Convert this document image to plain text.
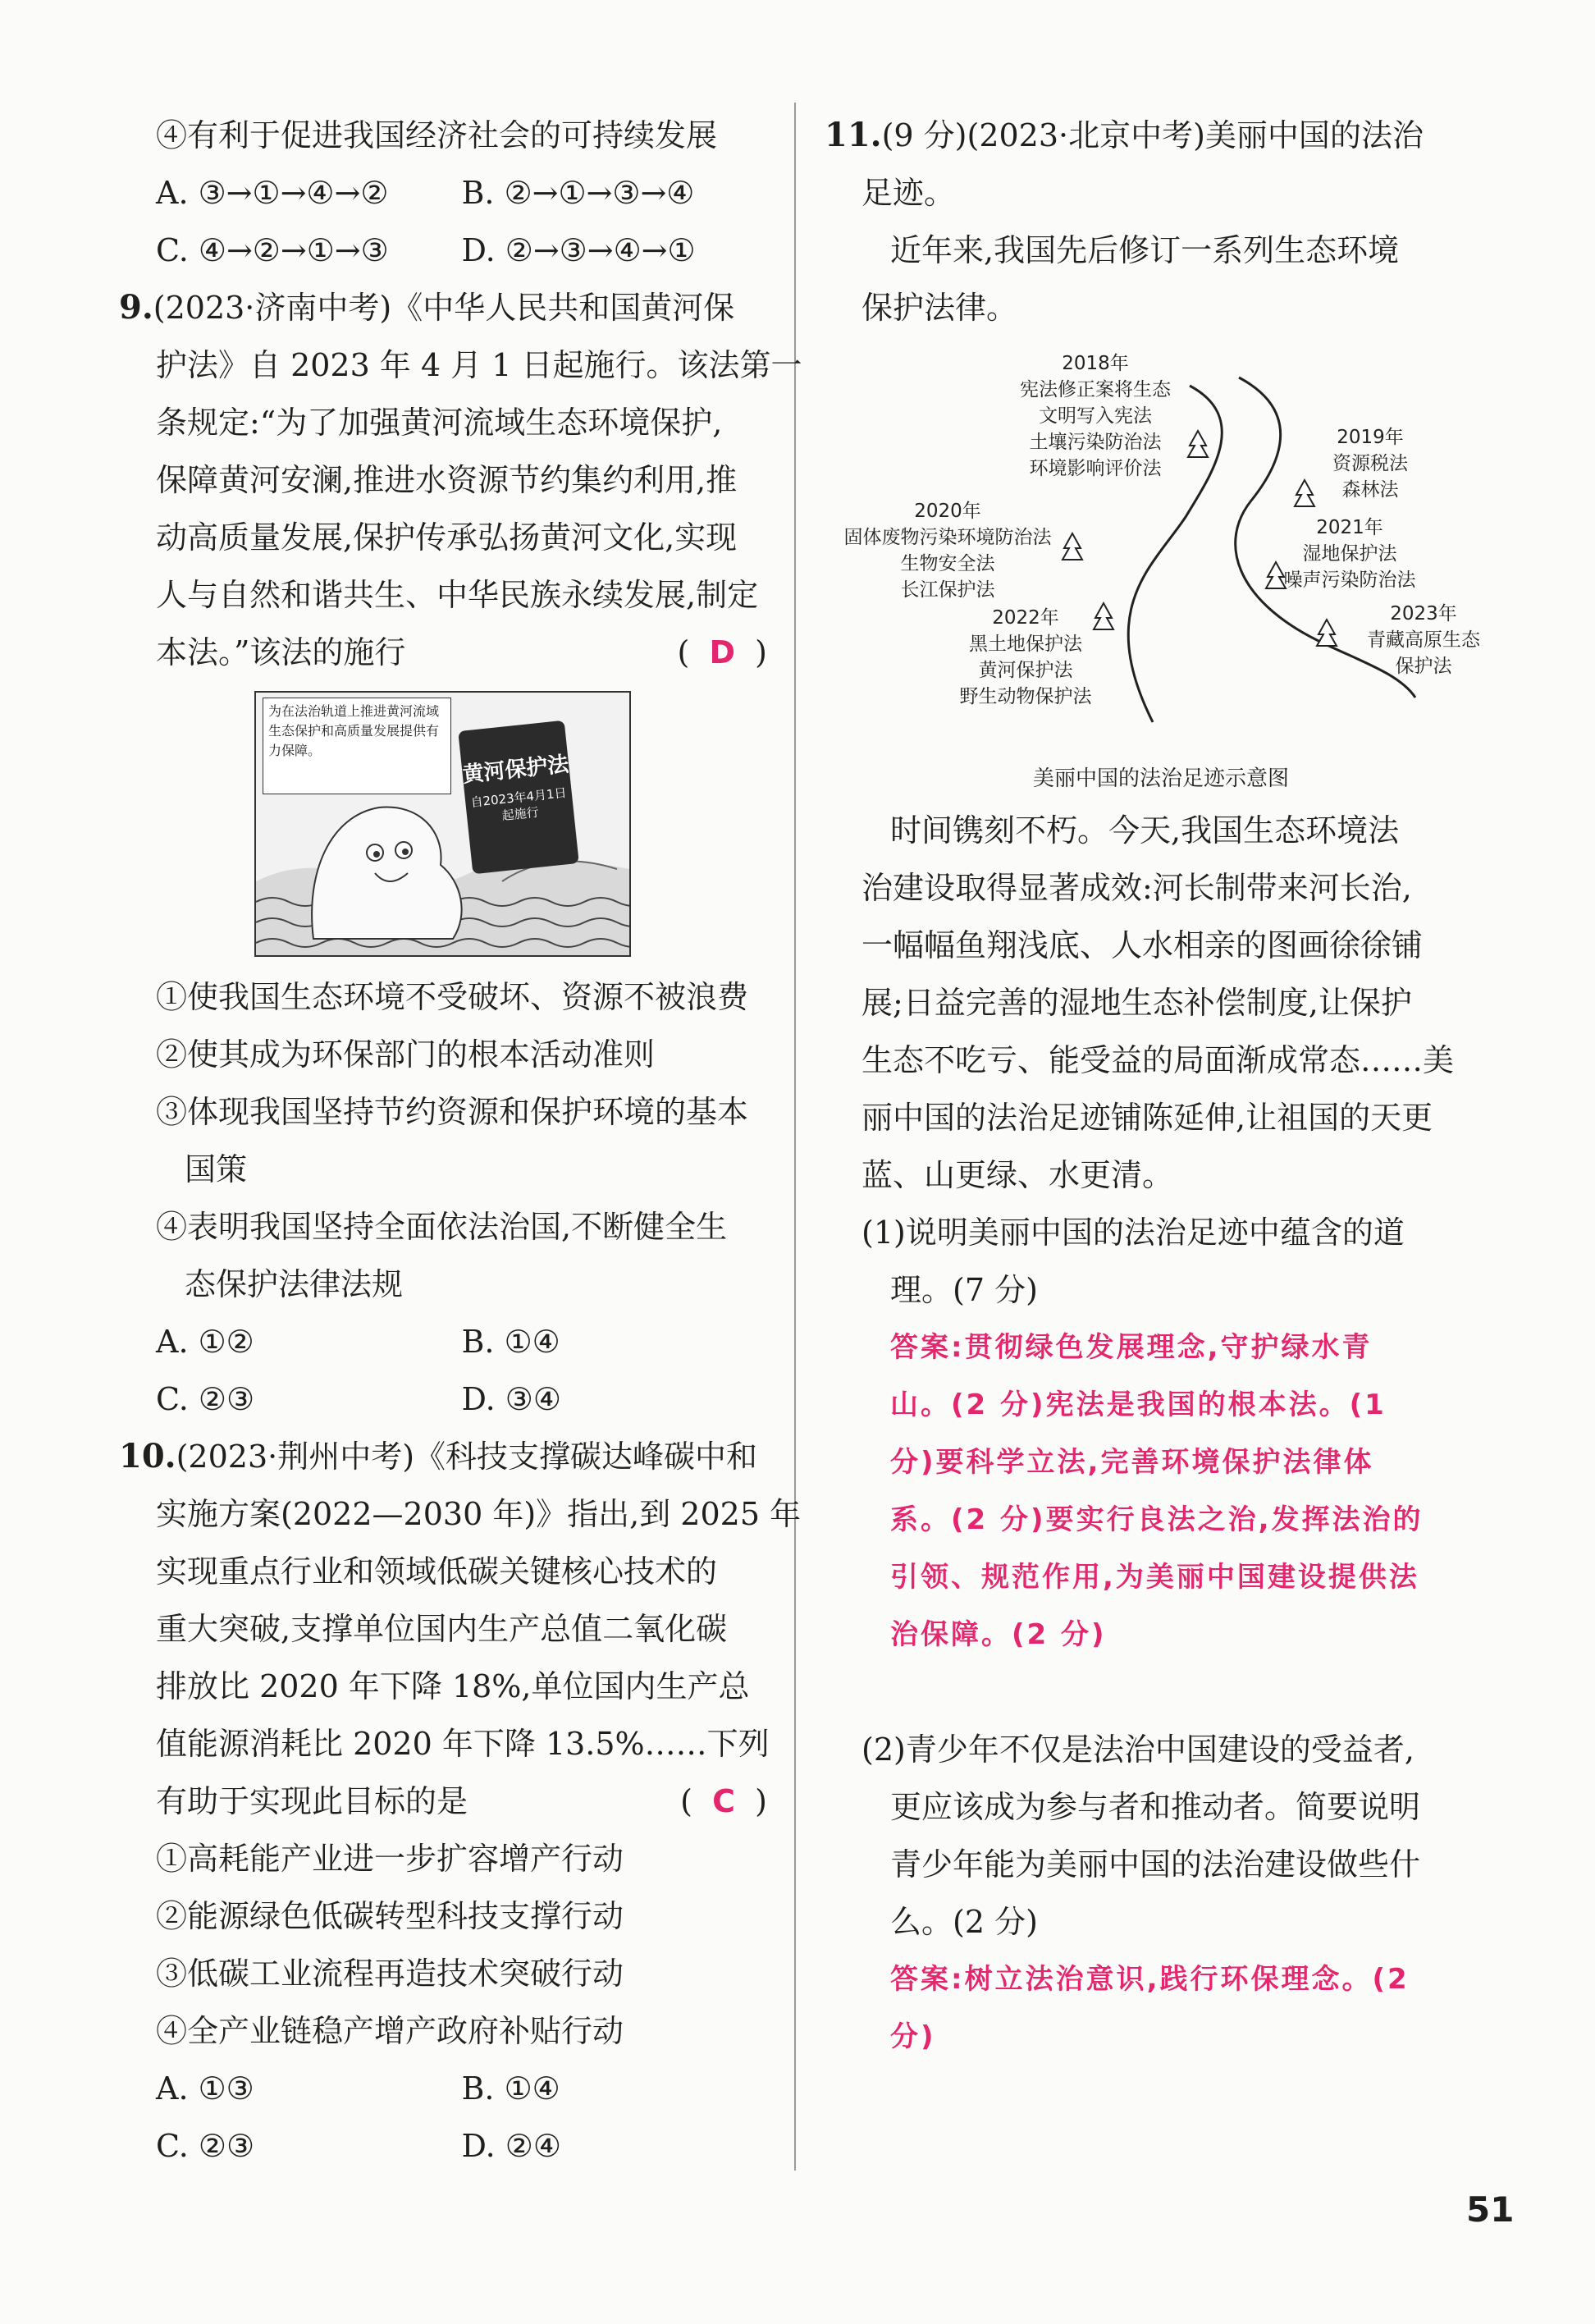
④有利于促进我国经济社会的可持续发展
A. ③→①→④→②	B. ②→①→③→④
C. ④→②→①→③	D. ②→③→④→①
9.(2023·济南中考)《中华人民共和国黄河保
护法》自 2023 年 4 月 1 日起施行。该法第一
条规定:“为了加强黄河流域生态环境保护,
保障黄河安澜,推进水资源节约集约利用,推
动高质量发展,保护传承弘扬黄河文化,实现
人与自然和谐共生、中华民族永续发展,制定
本法。”该法的施行	(  D  )
为在法治轨道上推进黄河流域生态保护和高质量发展提供有力保障。
黄河保护法
自2023年4月1日起施行
①使我国生态环境不受破坏、资源不被浪费
②使其成为环保部门的根本活动准则
③体现我国坚持节约资源和保护环境的基本
国策
④表明我国坚持全面依法治国,不断健全生
态保护法律法规
A. ①②	B. ①④
C. ②③	D. ③④
10.(2023·荆州中考)《科技支撑碳达峰碳中和
实施方案(2022—2030 年)》指出,到 2025 年
实现重点行业和领域低碳关键核心技术的
重大突破,支撑单位国内生产总值二氧化碳
排放比 2020 年下降 18%,单位国内生产总
值能源消耗比 2020 年下降 13.5%……下列
有助于实现此目标的是	(  C  )
①高耗能产业进一步扩容增产行动
②能源绿色低碳转型科技支撑行动
③低碳工业流程再造技术突破行动
④全产业链稳产增产政府补贴行动
A. ①③	B. ①④
C. ②③	D. ②④
11.(9 分)(2023·北京中考)美丽中国的法治
足迹。
近年来,我国先后修订一系列生态环境
保护法律。
2018年
宪法修正案将生态
文明写入宪法
土壤污染防治法
环境影响评价法
2019年
资源税法
森林法
2020年
固体废物污染环境防治法
生物安全法
长江保护法
2021年
湿地保护法
噪声污染防治法
2022年
黑土地保护法
黄河保护法
野生动物保护法
2023年
青藏高原生态
保护法
美丽中国的法治足迹示意图
时间镌刻不朽。今天,我国生态环境法
治建设取得显著成效:河长制带来河长治,
一幅幅鱼翔浅底、人水相亲的图画徐徐铺
展;日益完善的湿地生态补偿制度,让保护
生态不吃亏、能受益的局面渐成常态……美
丽中国的法治足迹铺陈延伸,让祖国的天更
蓝、山更绿、水更清。
(1)说明美丽中国的法治足迹中蕴含的道
理。(7 分)
答案:贯彻绿色发展理念,守护绿水青
山。(2 分)宪法是我国的根本法。(1
分)要科学立法,完善环境保护法律体
系。(2 分)要实行良法之治,发挥法治的
引领、规范作用,为美丽中国建设提供法
治保障。(2 分)
(2)青少年不仅是法治中国建设的受益者,
更应该成为参与者和推动者。简要说明
青少年能为美丽中国的法治建设做些什
么。(2 分)
答案:树立法治意识,践行环保理念。(2
分)
51
